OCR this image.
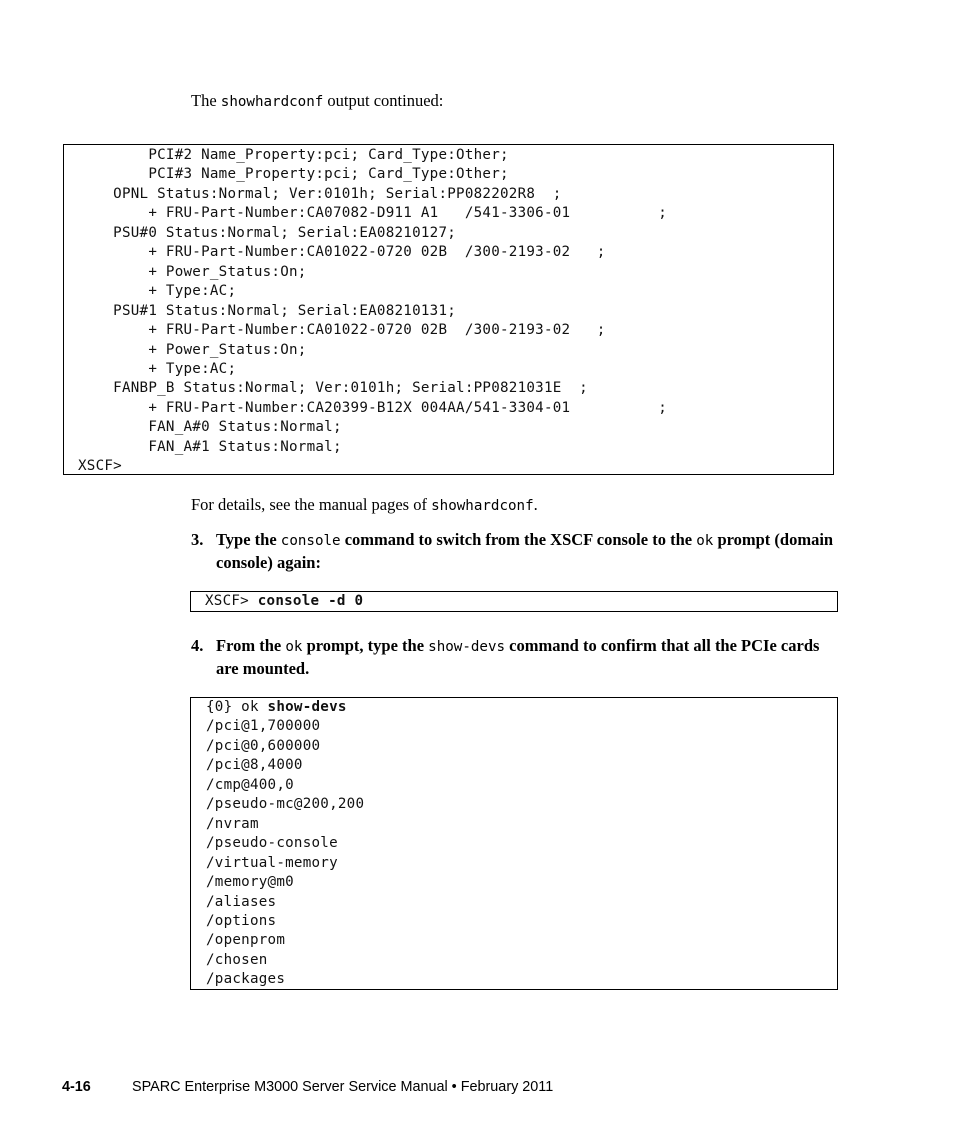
The showhardconf output continued:

PCI#2 Name_Property:pci; Card_Type:Other;
PCI#3 Name_Property:pci; Card_Type:Other;
OPNL Status:Normal; Ver:0101h; Serial:PP082202R8  ;
+ FRU-Part-Number:CA07082-D911 A1   /541-3306-01          ;
PSU#0 Status:Normal; Serial:EA08210127;
+ FRU-Part-Number:CA01022-0720 02B  /300-2193-02   ;
+ Power_Status:On;
+ Type:AC;
PSU#1 Status:Normal; Serial:EA08210131;
+ FRU-Part-Number:CA01022-0720 02B  /300-2193-02   ;
+ Power_Status:On;
+ Type:AC;
FANBP_B Status:Normal; Ver:0101h; Serial:PP0821031E  ;
+ FRU-Part-Number:CA20399-B12X 004AA/541-3304-01          ;
FAN_A#0 Status:Normal;
FAN_A#1 Status:Normal;
XSCF>

For details, see the manual pages of showhardconf.

3. Type the console command to switch from the XSCF console to the ok prompt (domain console) again:
XSCF> console -d 0
4. From the ok prompt, type the show-devs command to confirm that all the PCIe cards are mounted.
{0} ok show-devs
/pci@1,700000
/pci@0,600000
/pci@8,4000
/cmp@400,0
/pseudo-mc@200,200
/nvram
/pseudo-console
/virtual-memory
/memory@m0
/aliases
/options
/openprom
/chosen
/packages
4-16	SPARC Enterprise M3000 Server Service Manual • February 2011
